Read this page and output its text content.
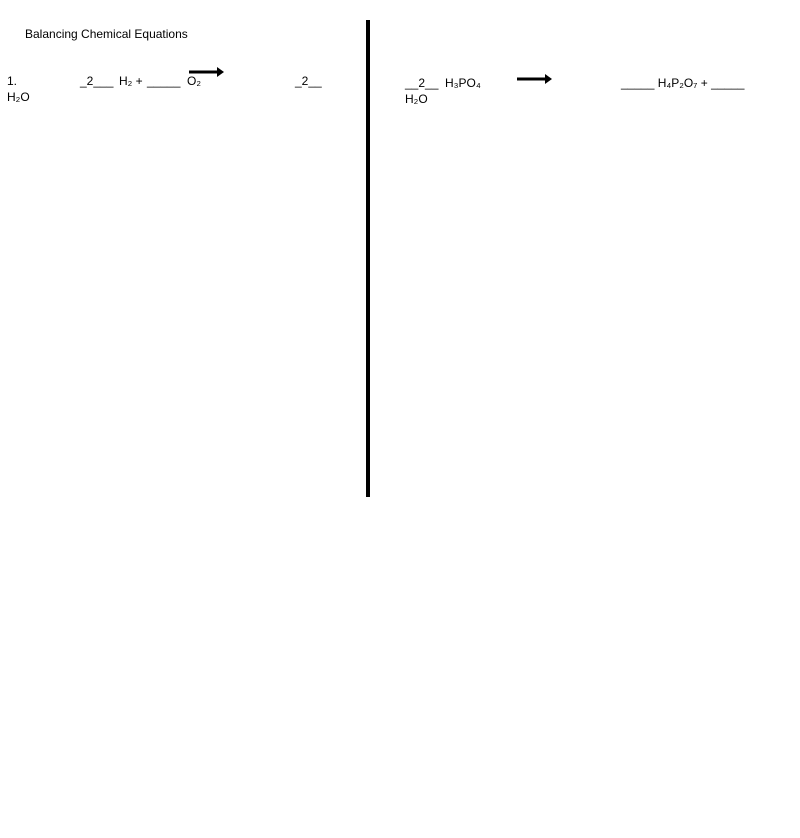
Balancing Chemical Equations
1.	_2___ H₂ + _____ O₂	_2__
H₂O
__2__ H₃PO₄	_____ H₄P₂O₇ + _____
H₂O
